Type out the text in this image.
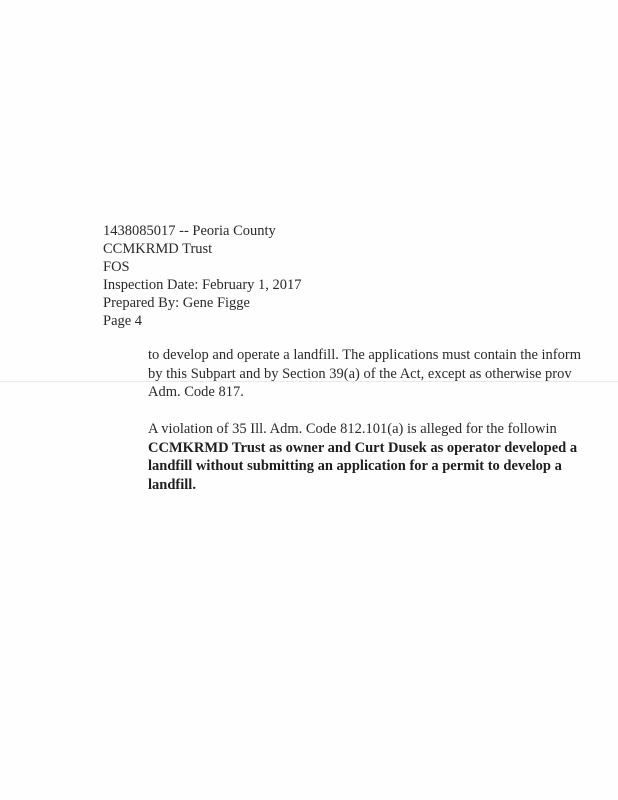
1438085017 -- Peoria County
CCMKRMD Trust
FOS
Inspection Date: February 1, 2017
Prepared By: Gene Figge
Page 4
to develop and operate a landfill. The applications must contain the inform
by this Subpart and by Section 39(a) of the Act, except as otherwise prov
Adm. Code 817.
A violation of 35 Ill. Adm. Code 812.101(a) is alleged for the followin
CCMKRMD Trust as owner and Curt Dusek as operator developed a
landfill without submitting an application for a permit to develop a
landfill.
